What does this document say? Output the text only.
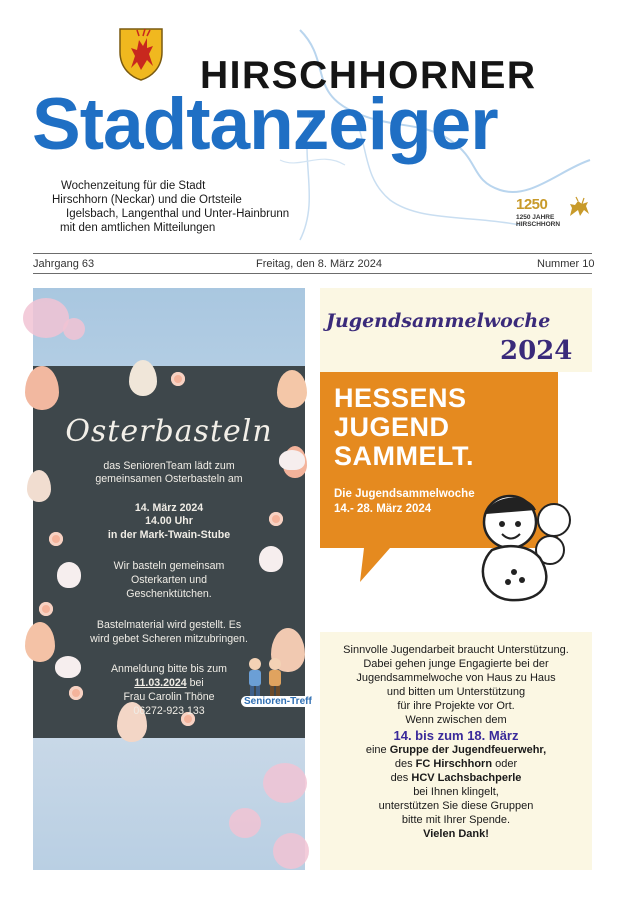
HIRSCHHORNER
Stadtanzeiger
Wochenzeitung für die Stadt
Hirschhorn (Neckar) und die Ortsteile
Igelsbach, Langenthal und Unter-Hainbrunn
mit den amtlichen Mitteilungen
1250
1250 JAHRE
HIRSCHHORN
Jahrgang 63	Freitag, den 8. März 2024	Nummer 10
Osterbasteln
das SeniorenTeam lädt zum
gemeinsamen Osterbasteln am
14. März 2024
14.00 Uhr
in der Mark-Twain-Stube
Wir basteln gemeinsam
Osterkarten und
Geschenktütchen.
Bastelmaterial wird gestellt. Es
wird gebet Scheren mitzubringen.
Anmeldung bitte bis zum
11.03.2024 bei
Frau Carolin Thöne
06272-923 133
Senioren-Treff
Jugendsammelwoche
2024
HESSENS
JUGEND
SAMMELT.
Die Jugendsammelwoche
14.- 28. März 2024
Sinnvolle Jugendarbeit braucht Unterstützung.
Dabei gehen junge Engagierte bei der
Jugendsammelwoche von Haus zu Haus
und bitten um Unterstützung
für ihre Projekte vor Ort.
Wenn zwischen dem
14. bis zum 18. März
eine Gruppe der Jugendfeuerwehr,
des FC Hirschhorn oder
des HCV Lachsbachperle
bei Ihnen klingelt,
unterstützen Sie diese Gruppen
bitte mit Ihrer Spende.
Vielen Dank!
